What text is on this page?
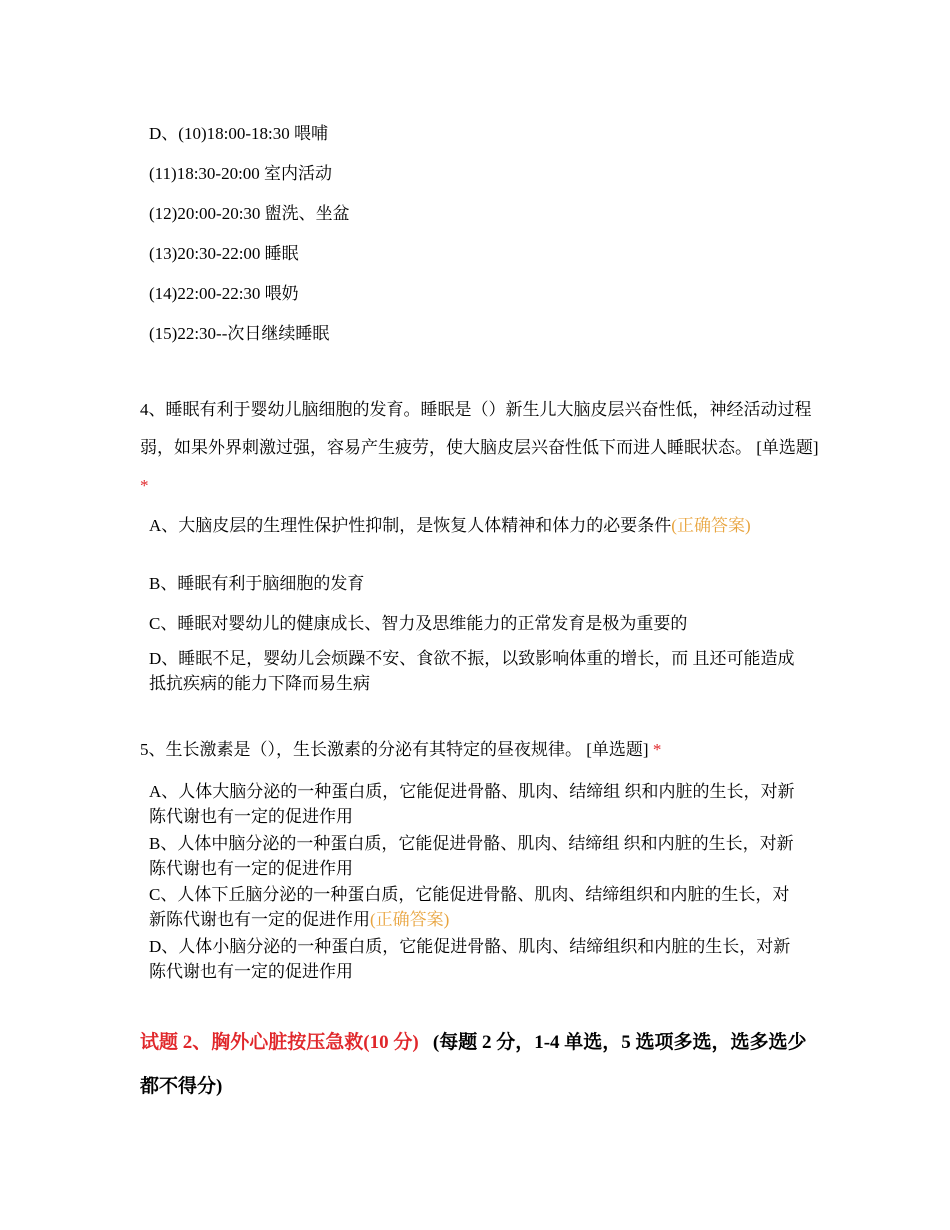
D、(10)18:00-18:30 喂哺
(11)18:30-20:00 室内活动
(12)20:00-20:30 盥洗、坐盆
(13)20:30-22:00 睡眠
(14)22:00-22:30 喂奶
(15)22:30--次日继续睡眠
4、睡眠有利于婴幼儿脑细胞的发育。睡眠是（）新生儿大脑皮层兴奋性低，神经活动过程弱，如果外界刺激过强，容易产生疲劳，使大脑皮层兴奋性低下而进人睡眠状态。 [单选题] *
A、大脑皮层的生理性保护性抑制，是恢复人体精神和体力的必要条件(正确答案)
B、睡眠有利于脑细胞的发育
C、睡眠对婴幼儿的健康成长、智力及思维能力的正常发育是极为重要的
D、睡眠不足，婴幼儿会烦躁不安、食欲不振，以致影响体重的增长，而 且还可能造成抵抗疾病的能力下降而易生病
5、生长激素是（），生长激素的分泌有其特定的昼夜规律。 [单选题] *
A、人体大脑分泌的一种蛋白质，它能促进骨骼、肌肉、结缔组 织和内脏的生长，对新陈代谢也有一定的促进作用
B、人体中脑分泌的一种蛋白质，它能促进骨骼、肌肉、结缔组 织和内脏的生长，对新陈代谢也有一定的促进作用
C、人体下丘脑分泌的一种蛋白质，它能促进骨骼、肌肉、结缔组织和内脏的生长，对新陈代谢也有一定的促进作用(正确答案)
D、人体小脑分泌的一种蛋白质，它能促进骨骼、肌肉、结缔组织和内脏的生长，对新陈代谢也有一定的促进作用
试题 2、胸外心脏按压急救(10 分) (每题 2 分，1-4 单选，5 选项多选，选多选少都不得分)
